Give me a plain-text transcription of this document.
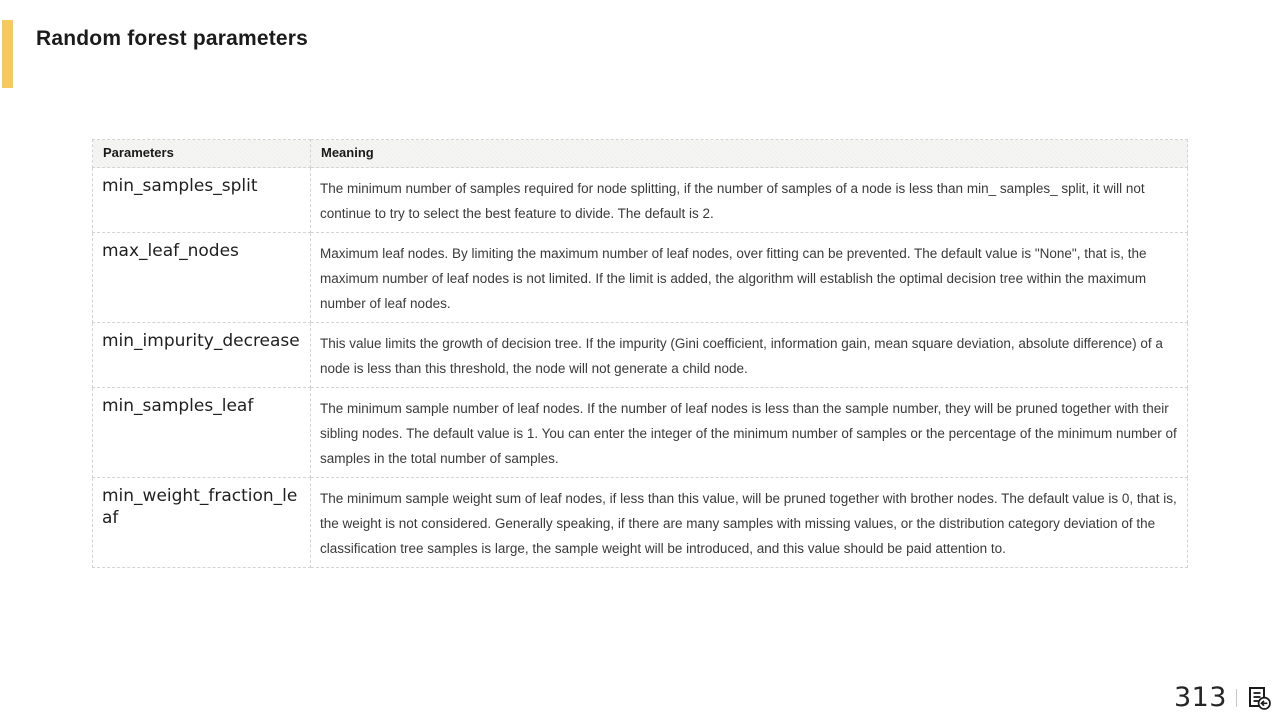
Random forest parameters
Parameters	Meaning
min_samples_split	The minimum number of samples required for node splitting, if the number of samples of a node is less than min_ samples_ split, it will not continue to try to select the best feature to divide. The default is 2.
max_leaf_nodes	Maximum leaf nodes. By limiting the maximum number of leaf nodes, over fitting can be prevented. The default value is "None", that is, the maximum number of leaf nodes is not limited. If the limit is added, the algorithm will establish the optimal decision tree within the maximum number of leaf nodes.
min_impurity_decrease	This value limits the growth of decision tree. If the impurity (Gini coefficient, information gain, mean square deviation, absolute difference) of a node is less than this threshold, the node will not generate a child node.
min_samples_leaf	The minimum sample number of leaf nodes. If the number of leaf nodes is less than the sample number, they will be pruned together with their sibling nodes. The default value is 1. You can enter the integer of the minimum number of samples or the percentage of the minimum number of samples in the total number of samples.
min_weight_fraction_leaf	The minimum sample weight sum of leaf nodes, if less than this value, will be pruned together with brother nodes. The default value is 0, that is, the weight is not considered. Generally speaking, if there are many samples with missing values, or the distribution category deviation of the classification tree samples is large, the sample weight will be introduced, and this value should be paid attention to.
313
